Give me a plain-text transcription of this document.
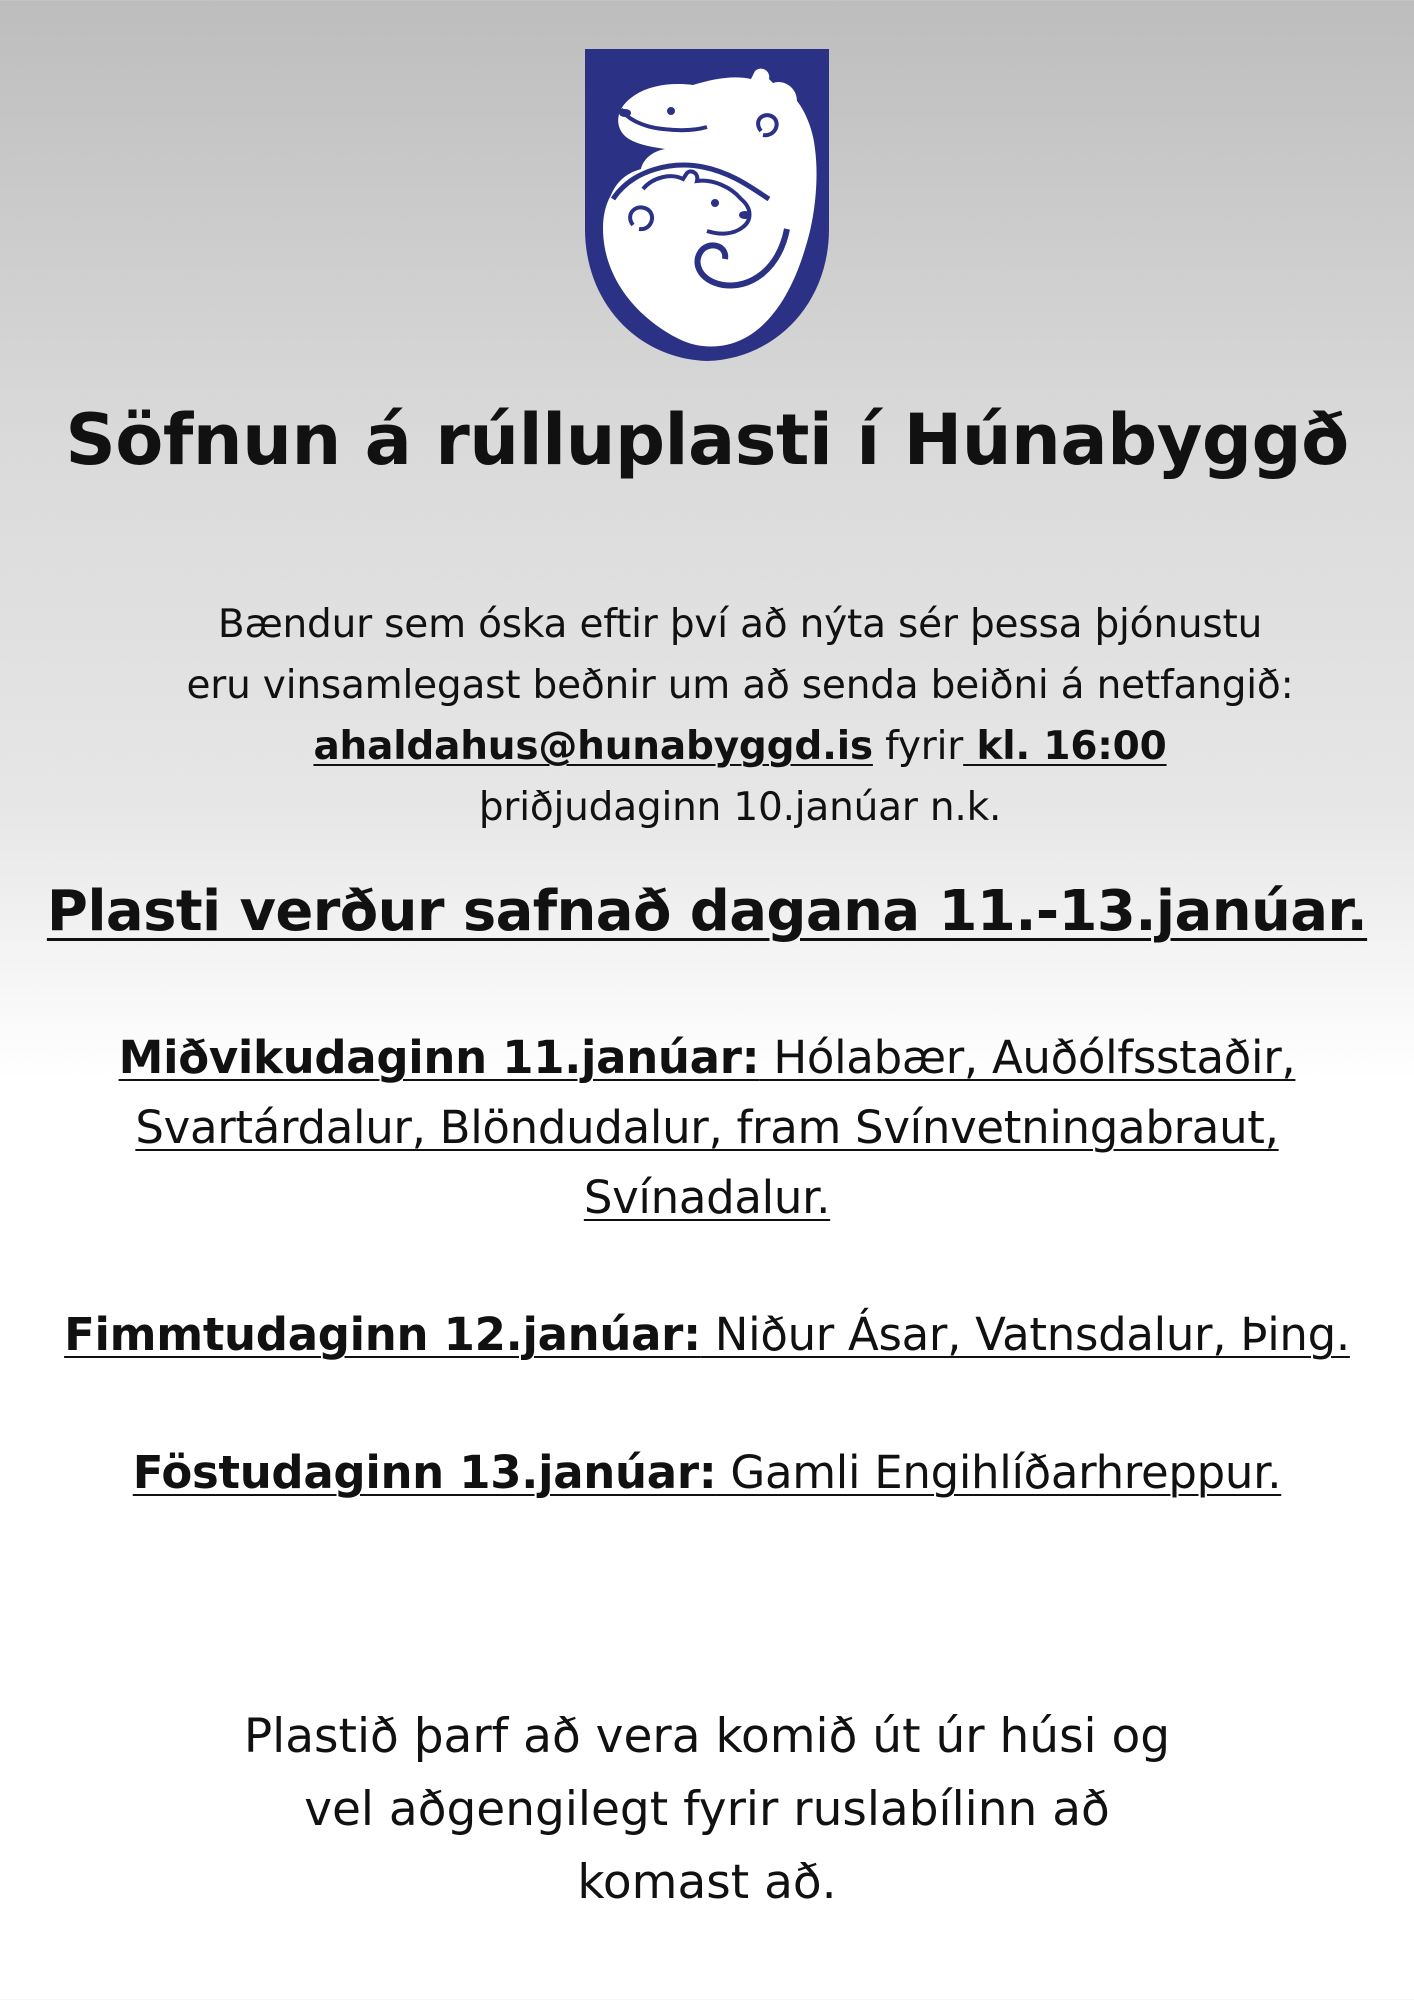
Söfnun á rúlluplasti í Húnabyggð
Bændur sem óska eftir því að nýta sér þessa þjónustu
eru vinsamlegast beðnir um að senda beiðni á netfangið:
ahaldahus@hunabyggd.is fyrir kl. 16:00
þriðjudaginn 10.janúar n.k.
Plasti verður safnað dagana 11.-13.janúar.
Miðvikudaginn 11.janúar: Hólabær, Auðólfsstaðir,
Svartárdalur, Blöndudalur, fram Svínvetningabraut,
Svínadalur.
Fimmtudaginn 12.janúar: Niður Ásar, Vatnsdalur, Þing.
Föstudaginn 13.janúar: Gamli Engihlíðarhreppur.
Plastið þarf að vera komið út úr húsi og
vel aðgengilegt fyrir ruslabílinn að
komast að.
